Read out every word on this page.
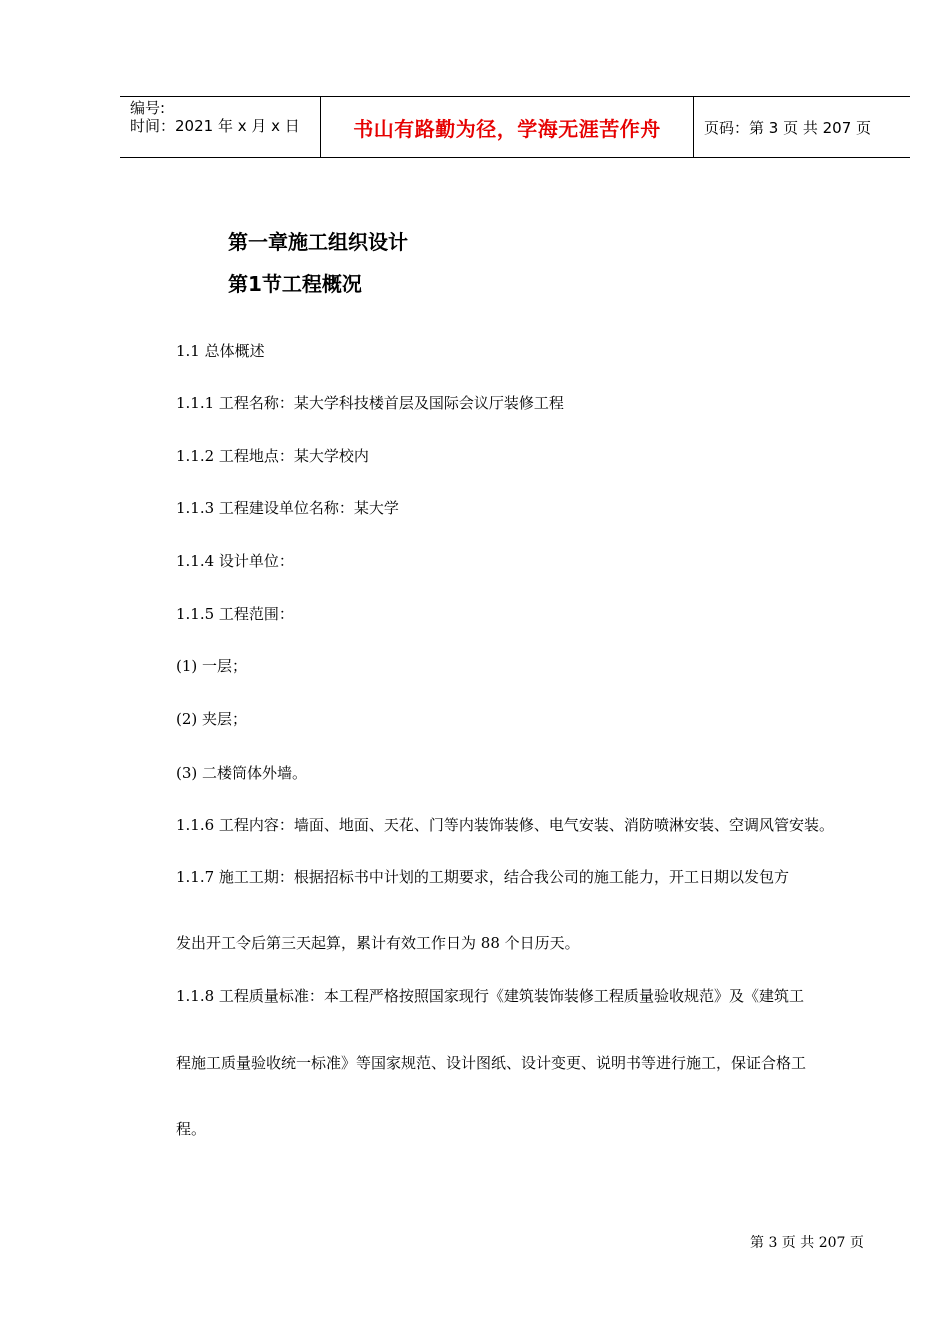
编号:
时间：2021 年 x 月 x 日	书山有路勤为径，学海无涯苦作舟	页码：第 3 页 共 207 页
第一章施工组织设计
第1节工程概况
1.1 总体概述
1.1.1 工程名称：某大学科技楼首层及国际会议厅装修工程
1.1.2 工程地点：某大学校内
1.1.3 工程建设单位名称：某大学
1.1.4 设计单位：
1.1.5 工程范围：
(1) 一层；
(2) 夹层；
(3) 二楼筒体外墙。
1.1.6 工程内容：墙面、地面、天花、门等内装饰装修、电气安装、消防喷淋安装、空调风管安装。
1.1.7 施工工期：根据招标书中计划的工期要求，结合我公司的施工能力，开工日期以发包方
发出开工令后第三天起算，累计有效工作日为 88 个日历天。
1.1.8 工程质量标准：本工程严格按照国家现行《建筑装饰装修工程质量验收规范》及《建筑工
程施工质量验收统一标准》等国家规范、设计图纸、设计变更、说明书等进行施工，保证合格工
程。
第 3 页 共 207 页
